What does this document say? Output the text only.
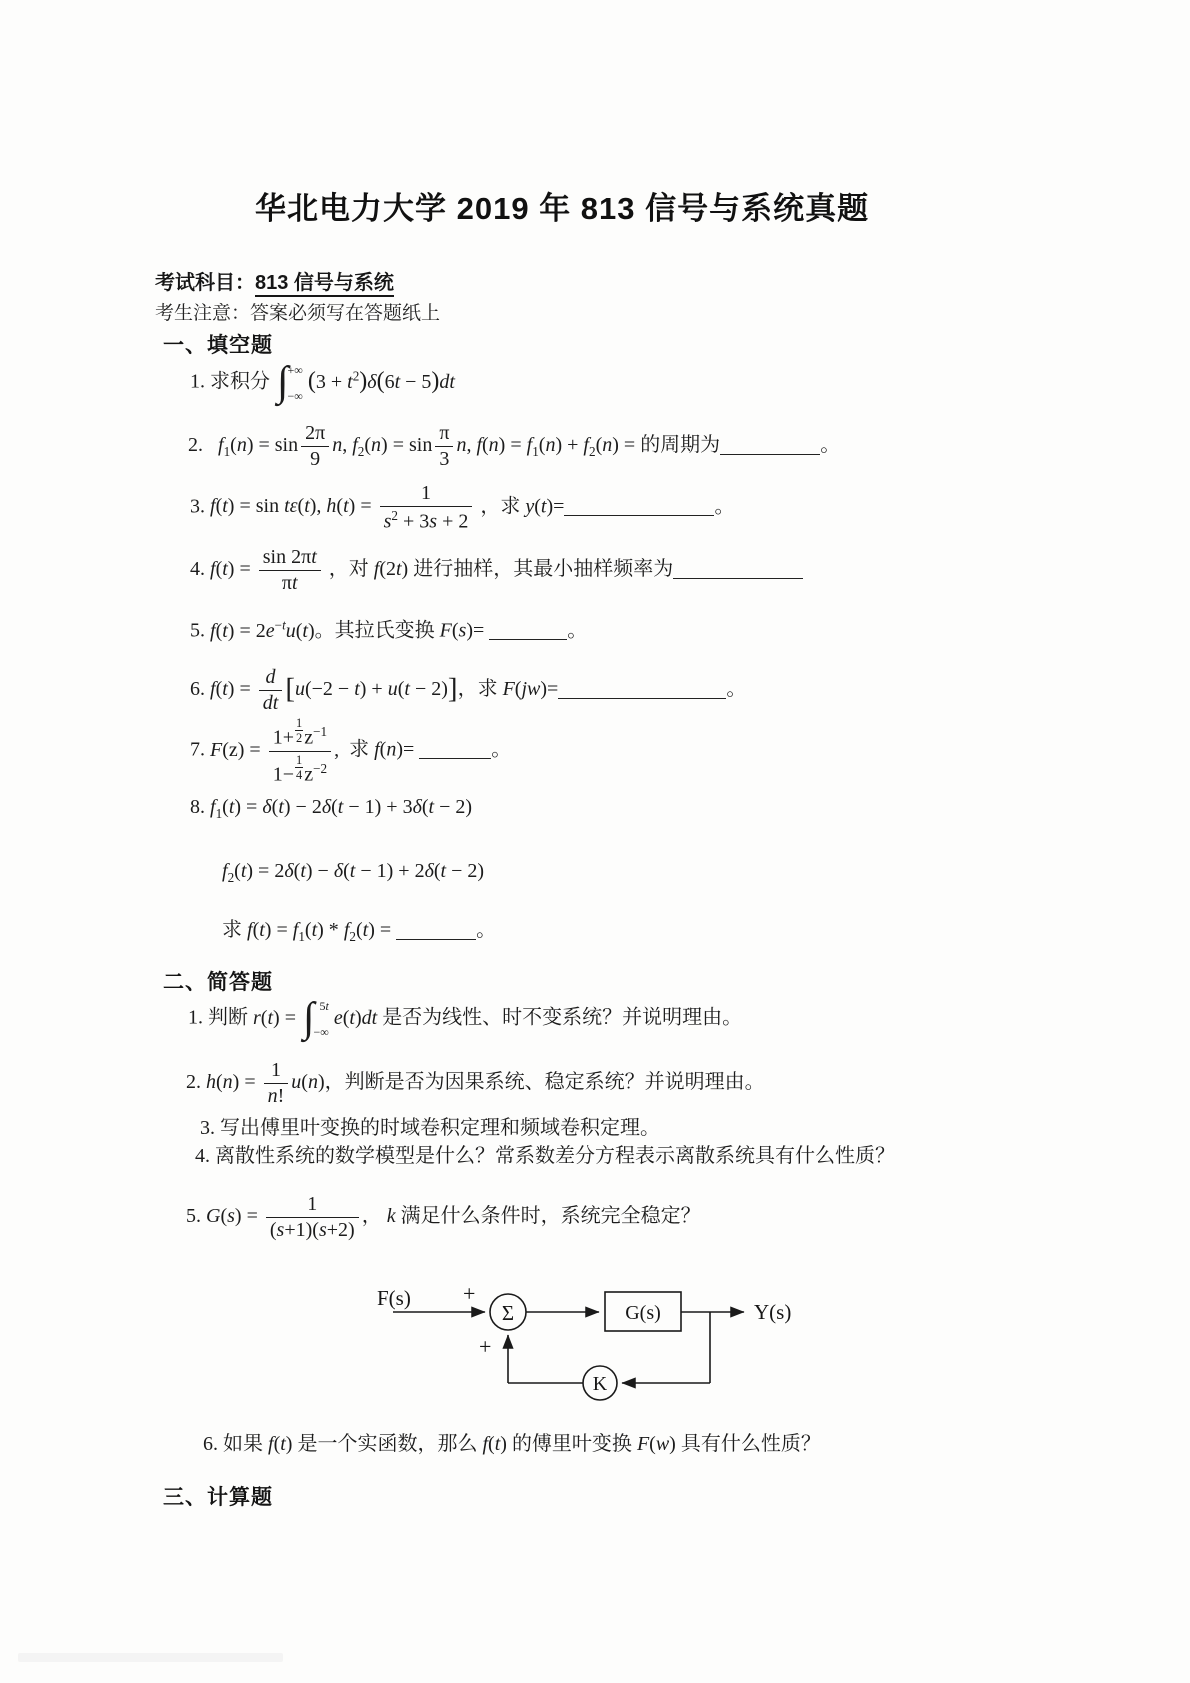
华北电力大学 2019 年 813 信号与系统真题
考试科目：813 信号与系统
考生注意：答案必须写在答题纸上
一、填空题
1. 求积分 ∫ +∞
−∞
$(3 + t^2)\delta(6t - 5)dt$
2.   $f_1(n) = \sin \frac{2\pi}{9} n$, $f_2(n) = \sin \frac{\pi}{3} n$, $f(n) = f_1(n) + f_2(n)$ = 的周期为	。
3. f(t) = sin tε(t), $h(t) = \frac{1}{s^2 + 3s + 2}$ ，求 y(t)=	。
4. $f(t) = \frac{\sin 2\pi t}{\pi t}$ ，对 f(2t) 进行抽样，其最小抽样频率为
5. $f(t) = 2e^{-t}u(t)$。其拉氏变换 F(s)=	。
6. $f(t) = \frac{d}{dt} [u(-2 - t) + u(t - 2)]$，求 F(jw)=	。
7. $F(z) = \frac{1+ \frac{1}{2} z^{-1}}{1- \frac{1}{4} z^{-2}}$ ,  求 f(n)=	。
8. $f_1(t) = \delta(t) - 2\delta(t - 1) + 3\delta(t - 2)$
$f_2(t) = 2\delta(t) - \delta(t - 1) + 2\delta(t - 2)$
求 $f(t) = f_1(t) * f_2(t)$ =	。
二、简答题
1. 判断 r(t) = ∫ 5t
−∞
e(t)dt 是否为线性、时不变系统？并说明理由。
2. $h(n) = \frac{1}{n!} u(n)$，判断是否为因果系统、稳定系统？并说明理由。
3. 写出傅里叶变换的时域卷积定理和频域卷积定理。
4. 离散性系统的数学模型是什么？常系数差分方程表示离散系统具有什么性质？
5. $G(s) = \frac{1}{(s+1)(s+2)}$ ， k 满足什么条件时，系统完全稳定？
F(s) +
Σ	G(s)	Y(s)
K
+
6. 如果 f(t) 是一个实函数，那么 f(t) 的傅里叶变换 F(w) 具有什么性质？
三、计算题
